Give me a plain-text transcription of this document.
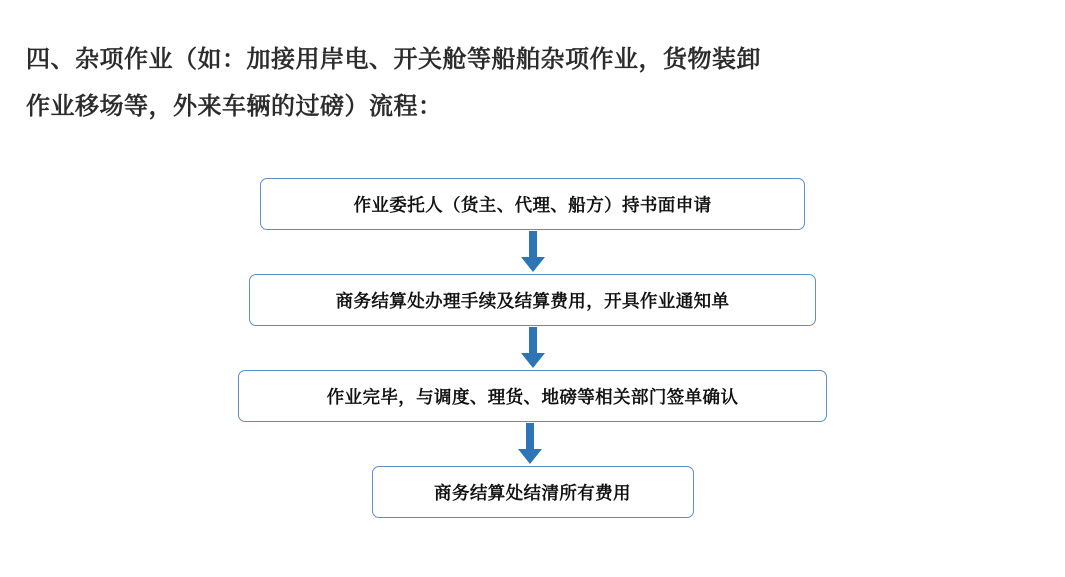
四、杂项作业（如：加接用岸电、开关舱等船舶杂项作业，货物装卸
作业移场等，外来车辆的过磅）流程：
作业委托人（货主、代理、船方）持书面申请
商务结算处办理手续及结算费用，开具作业通知单
作业完毕，与调度、理货、地磅等相关部门签单确认
商务结算处结清所有费用
